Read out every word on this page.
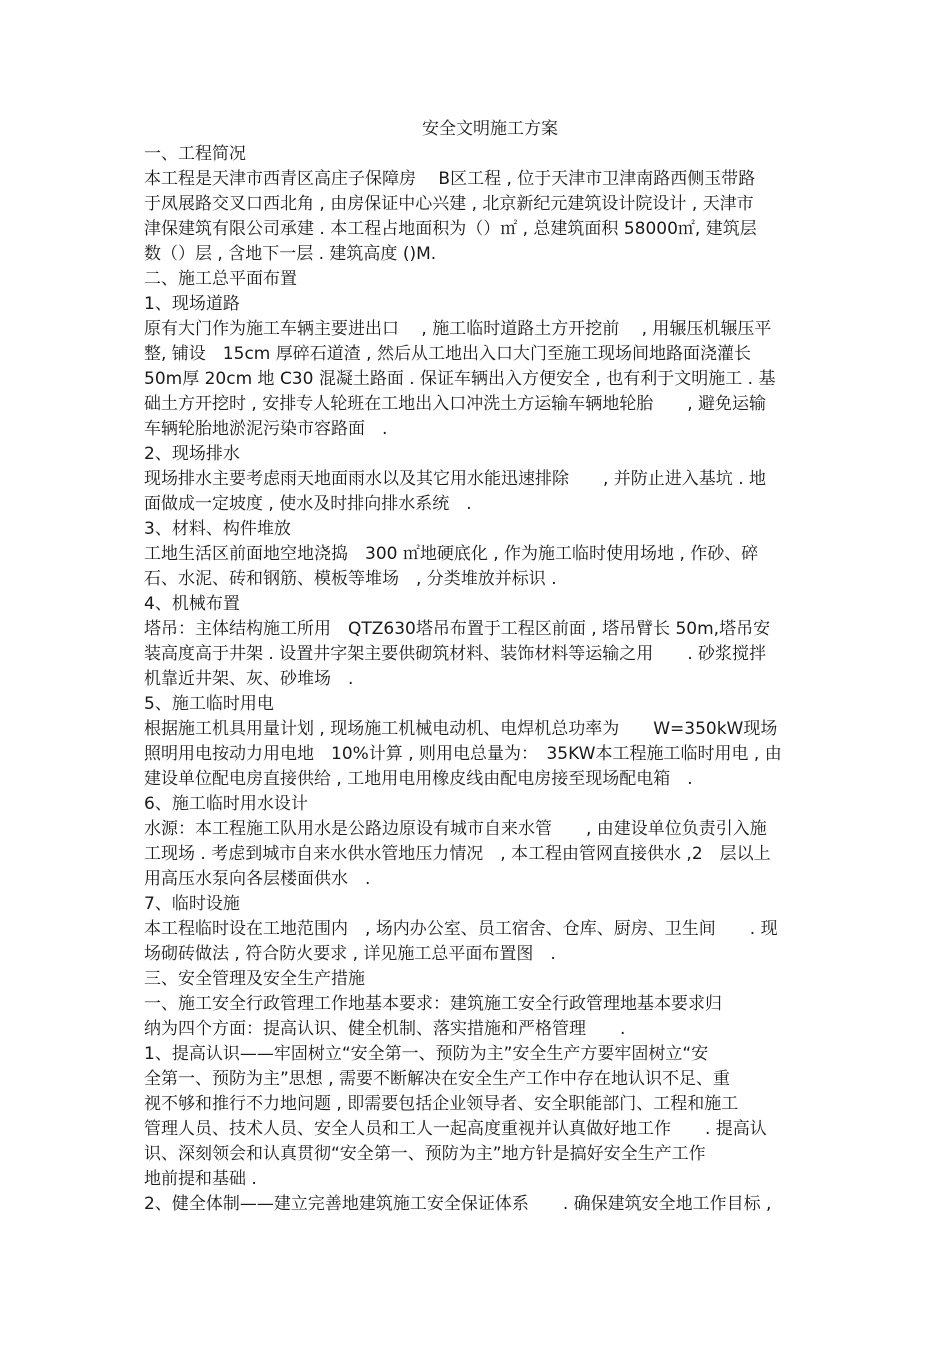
安全文明施工方案

一、工程简况

本工程是天津市西青区高庄子保障房　 B区工程 , 位于天津市卫津南路西侧玉带路

于凤展路交叉口西北角 , 由房保证中心兴建 , 北京新纪元建筑设计院设计 , 天津市

津保建筑有限公司承建 . 本工程占地面积为（）㎡ , 总建筑面积 58000㎡, 建筑层

数（）层 , 含地下一层 . 建筑高度 ()M.

二、施工总平面布置

1、现场道路

原有大门作为施工车辆主要进出口　 , 施工临时道路土方开挖前　 , 用辗压机辗压平

整, 铺设　15cm 厚碎石道渣 , 然后从工地出入口大门至施工现场间地路面浇灌长

50m厚 20cm 地 C30 混凝土路面 . 保证车辆出入方便安全 , 也有利于文明施工 . 基

础土方开挖时 , 安排专人轮班在工地出入口冲洗土方运输车辆地轮胎　　, 避免运输

车辆轮胎地淤泥污染市容路面　.

2、现场排水

现场排水主要考虑雨天地面雨水以及其它用水能迅速排除　　, 并防止进入基坑 . 地

面做成一定坡度 , 使水及时排向排水系统　.

3、材料、构件堆放

工地生活区前面地空地浇捣　300 ㎡地硬底化 , 作为施工临时使用场地 , 作砂、碎

石、水泥、砖和钢筋、模板等堆场　, 分类堆放并标识 .

4、机械布置

塔吊：主体结构施工所用　QTZ630塔吊布置于工程区前面 , 塔吊臂长 50m,塔吊安

装高度高于井架 . 设置井字架主要供砌筑材料、装饰材料等运输之用　　. 砂浆搅拌

机靠近井架、灰、砂堆场　.

5、施工临时用电

根据施工机具用量计划 , 现场施工机械电动机、电焊机总功率为　　W=350kW现场

照明用电按动力用电地　10%计算 , 则用电总量为：　35KW本工程施工临时用电 , 由

建设单位配电房直接供给 , 工地用电用橡皮线由配电房接至现场配电箱　.

6、施工临时用水设计

水源：本工程施工队用水是公路边原设有城市自来水管　　, 由建设单位负责引入施

工现场 . 考虑到城市自来水供水管地压力情况　, 本工程由管网直接供水 ,2　层以上

用高压水泵向各层楼面供水　.

7、临时设施

本工程临时设在工地范围内　, 场内办公室、员工宿舍、仓库、厨房、卫生间　　. 现

场砌砖做法 , 符合防火要求 , 详见施工总平面布置图　.

三、安全管理及安全生产措施

一、施工安全行政管理工作地基本要求：建筑施工安全行政管理地基本要求归

纳为四个方面：提高认识、健全机制、落实措施和严格管理　　.

1、提高认识——牢固树立“安全第一、预防为主”安全生产方要牢固树立“安

全第一、预防为主”思想 , 需要不断解决在安全生产工作中存在地认识不足、重

视不够和推行不力地问题 , 即需要包括企业领导者、安全职能部门、工程和施工

管理人员、技术人员、安全人员和工人一起高度重视并认真做好地工作　　. 提高认

识、深刻领会和认真贯彻“安全第一、预防为主”地方针是搞好安全生产工作

地前提和基础 .

2、健全体制——建立完善地建筑施工安全保证体系　　. 确保建筑安全地工作目标 ,
